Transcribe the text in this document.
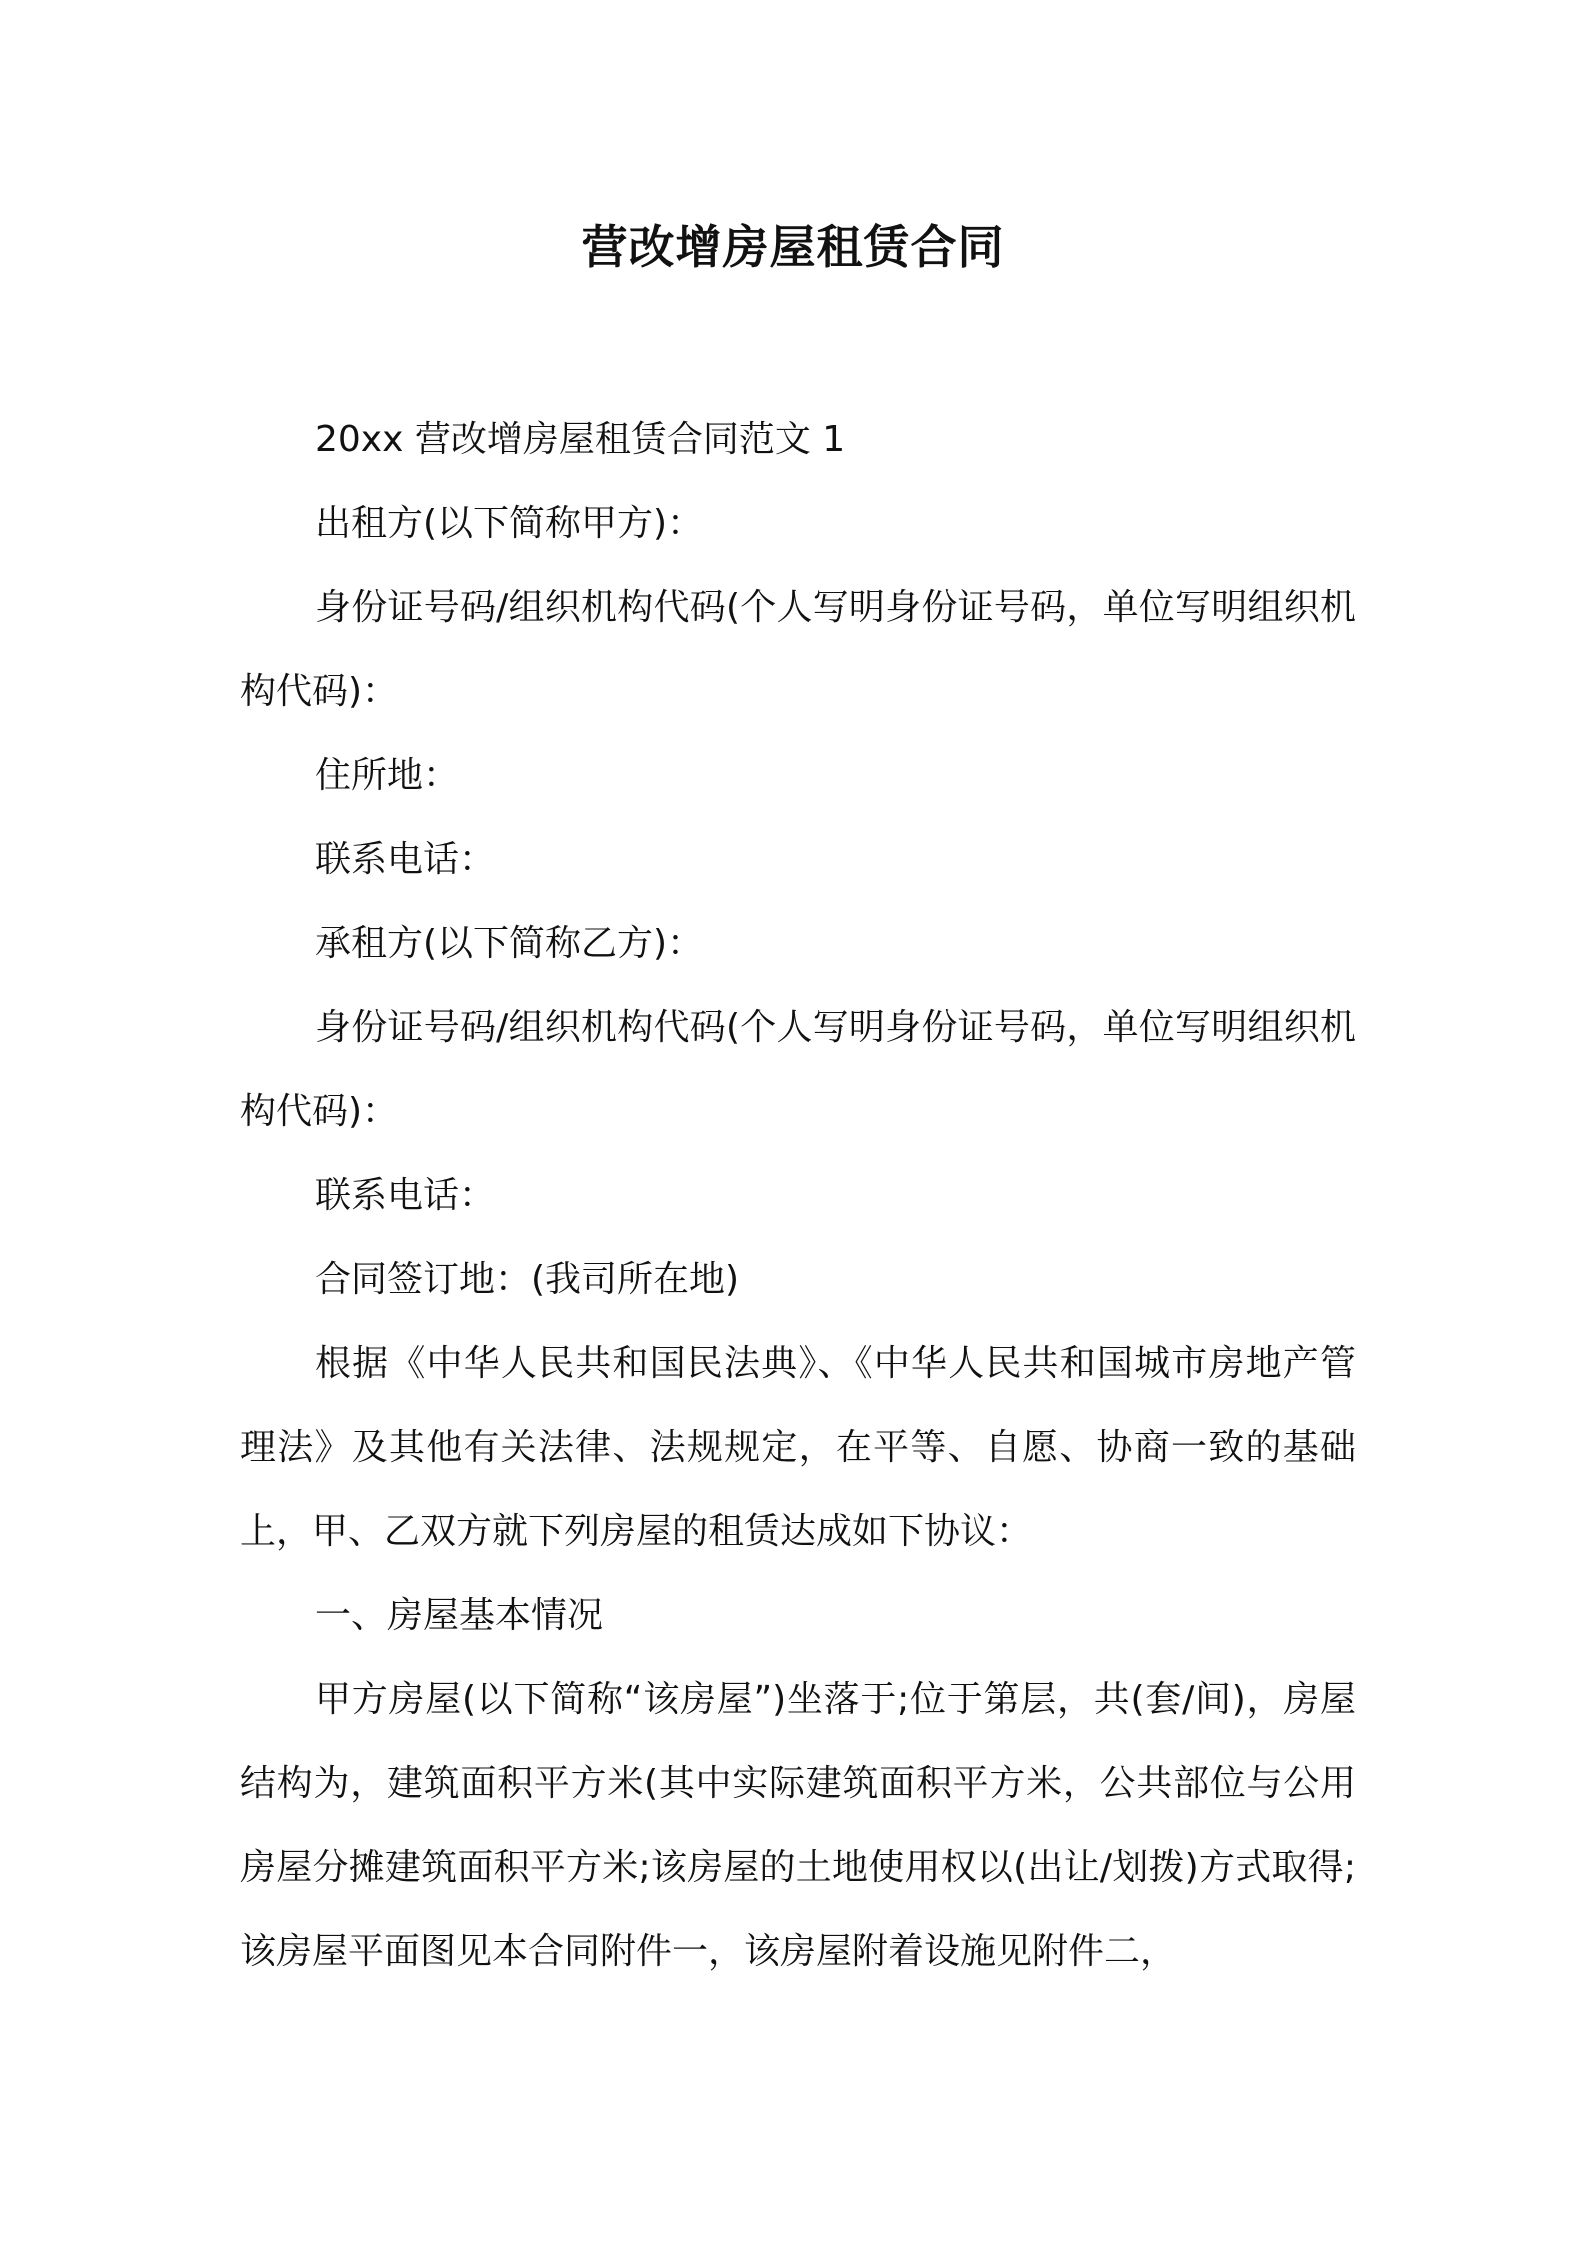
营改增房屋租赁合同

20xx 营改增房屋租赁合同范文 1

出租方(以下简称甲方)：

身份证号码/组织机构代码(个人写明身份证号码，单位写明组织机构代码)：

住所地：

联系电话：

承租方(以下简称乙方)：

身份证号码/组织机构代码(个人写明身份证号码，单位写明组织机构代码)：

联系电话：

合同签订地：(我司所在地)

根据《中华人民共和国民法典》、《中华人民共和国城市房地产管理法》及其他有关法律、法规规定，在平等、自愿、协商一致的基础上，甲、乙双方就下列房屋的租赁达成如下协议：

一、房屋基本情况

甲方房屋(以下简称“该房屋”)坐落于;位于第层，共(套/间)，房屋结构为，建筑面积平方米(其中实际建筑面积平方米，公共部位与公用房屋分摊建筑面积平方米;该房屋的土地使用权以(出让/划拨)方式取得;该房屋平面图见本合同附件一，该房屋附着设施见附件二，
